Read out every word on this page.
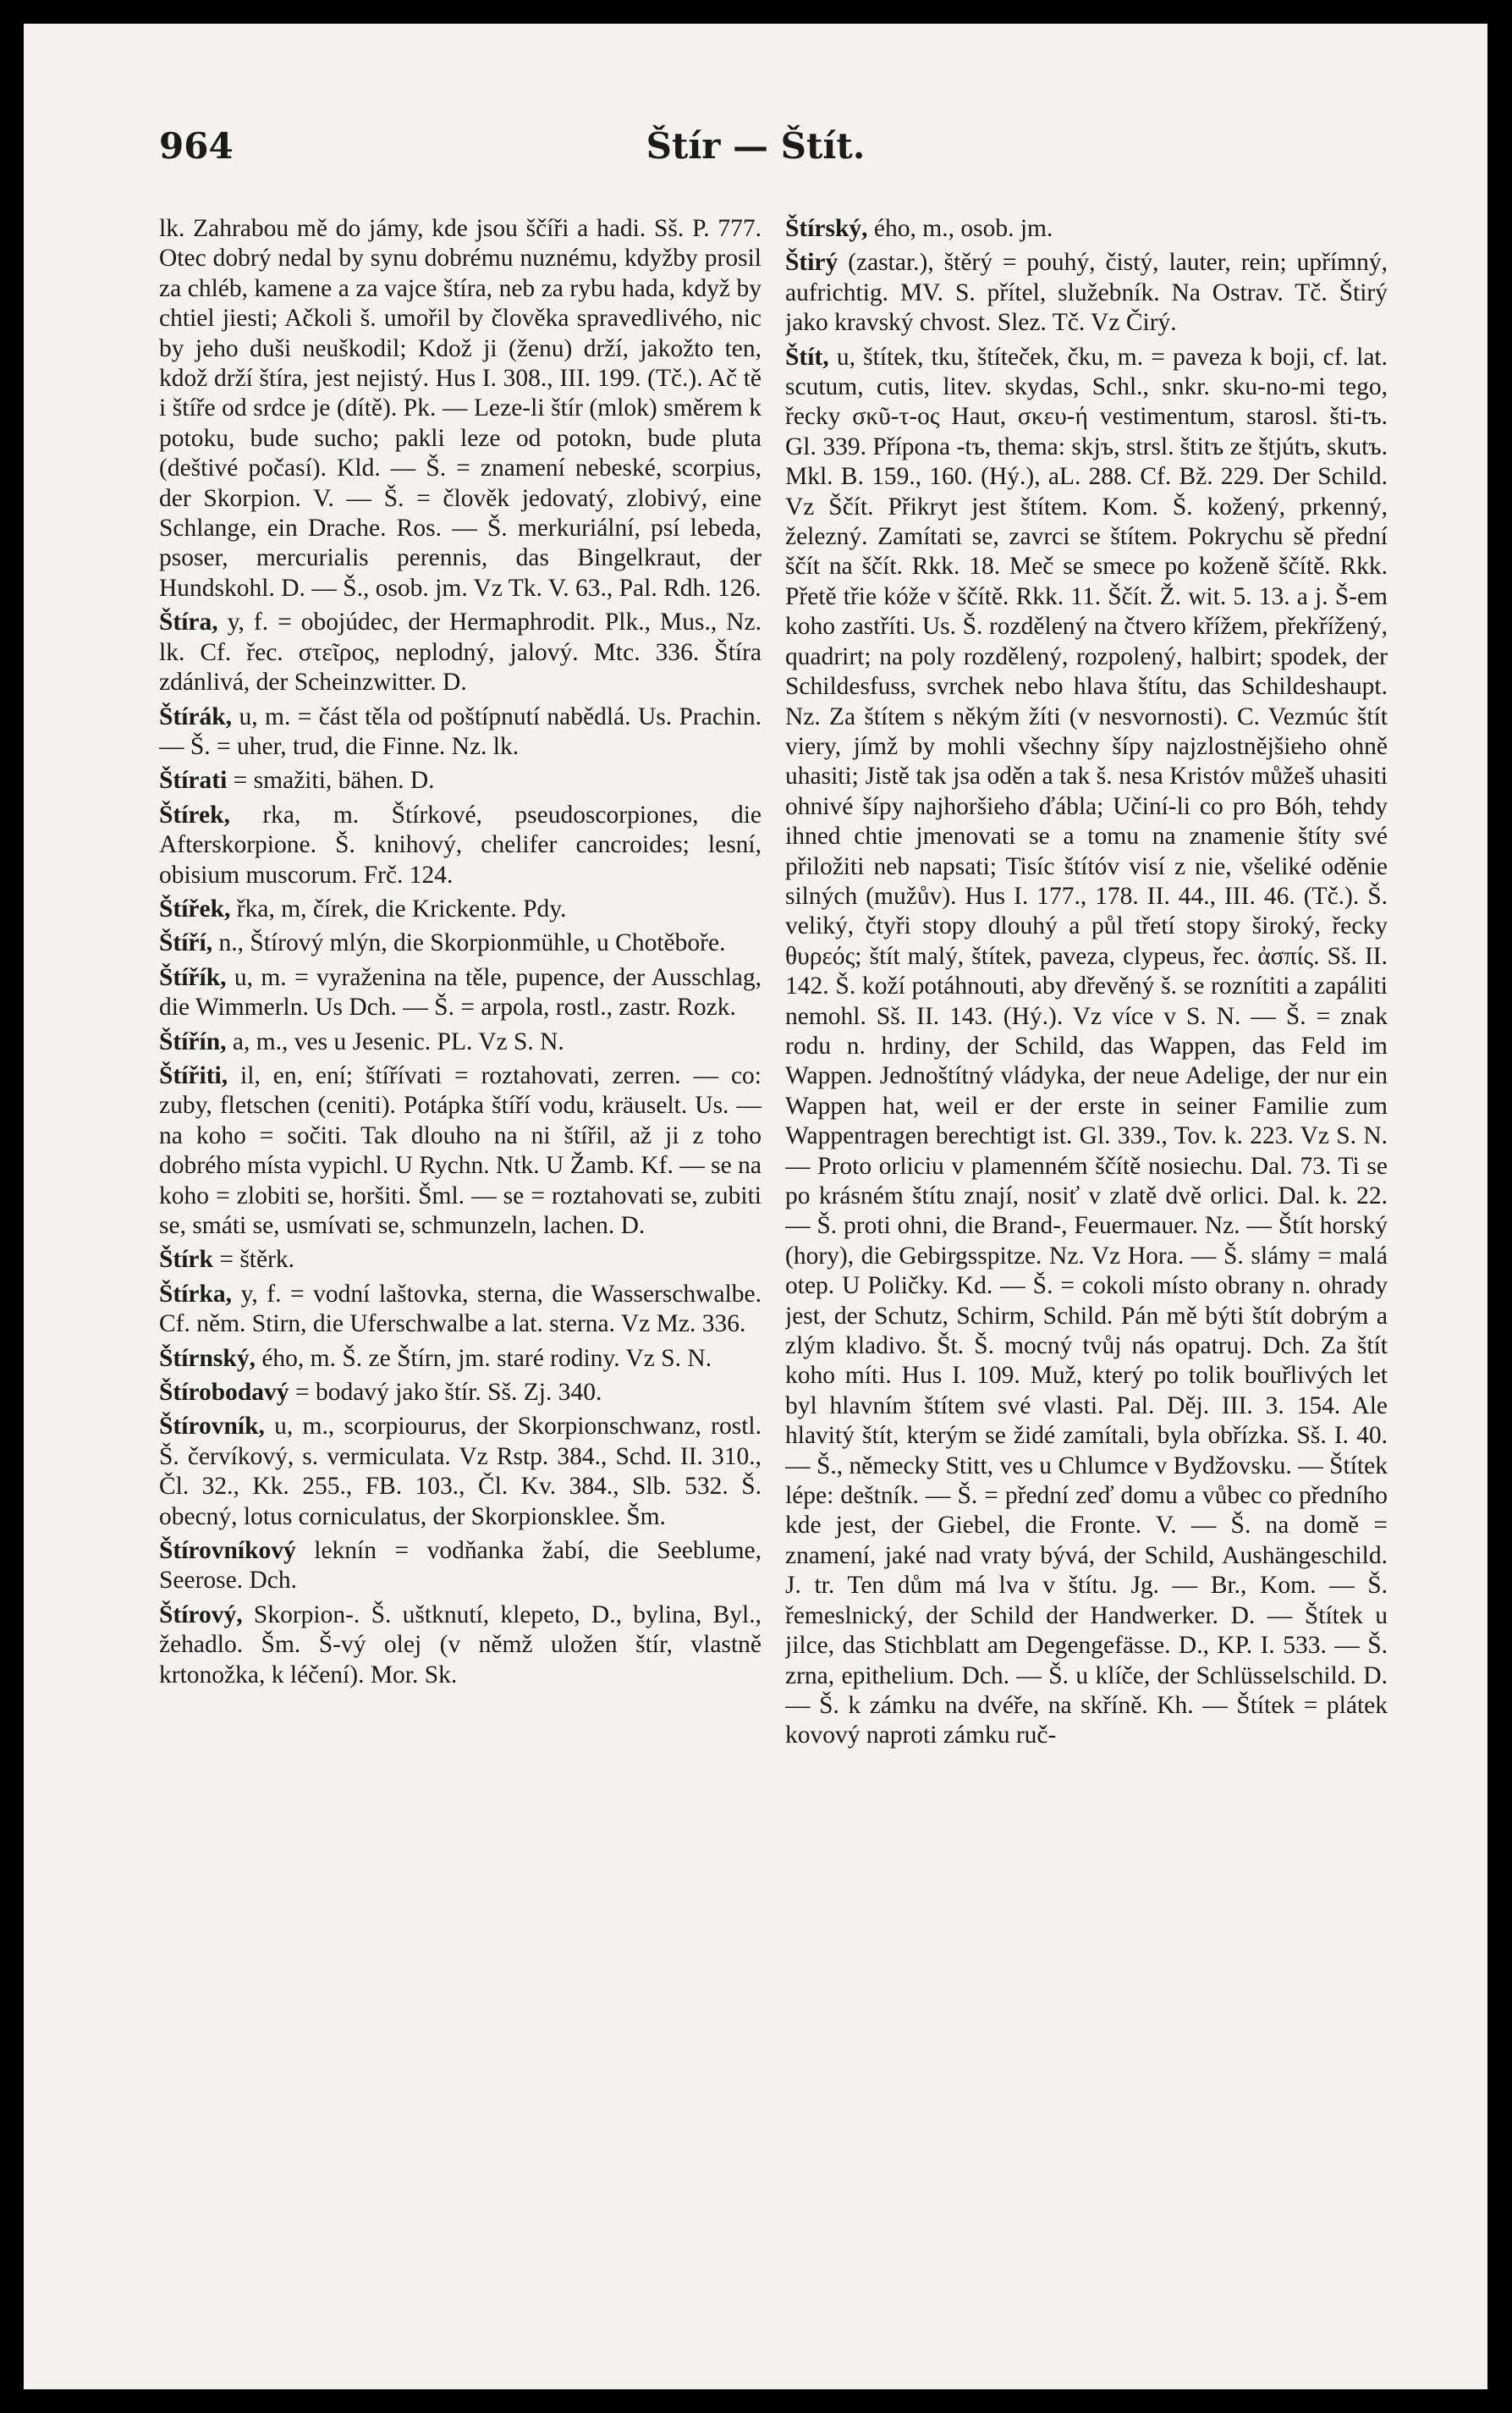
964	Štír — Štít.

lk. Zahrabou mě do jámy, kde jsou ščíři a hadi. Sš. P. 777. Otec dobrý nedal by synu dobrému nuznému, kdyžby prosil za chléb, kamene a za vajce štíra, neb za rybu hada, když by chtiel jiesti; Ačkoli š. umořil by člověka spravedlivého, nic by jeho duši neuškodil; Kdož ji (ženu) drží, jakožto ten, kdož drží štíra, jest nejistý. Hus I. 308., III. 199. (Tč.). Ač tě i štíře od srdce je (dítě). Pk. — Leze-li štír (mlok) směrem k potoku, bude sucho; pakli leze od potokn, bude pluta (deštivé počasí). Kld. — Š. = znamení nebeské, scorpius, der Skorpion. V. — Š. = člověk jedovatý, zlobivý, eine Schlange, ein Drache. Ros. — Š. merkuriální, psí lebeda, psoser, mercurialis perennis, das Bingelkraut, der Hundskohl. D. — Š., osob. jm. Vz Tk. V. 63., Pal. Rdh. 126.

Štíra, y, f. = obojúdec, der Hermaphrodit. Plk., Mus., Nz. lk. Cf. řec. στεῖρος, neplodný, jalový. Mtc. 336. Štíra zdánlivá, der Scheinzwitter. D.

Štírák, u, m. = část těla od poštípnutí nabědlá. Us. Prachin. — Š. = uher, trud, die Finne. Nz. lk.

Štírati = smažiti, bähen. D.

Štírek, rka, m. Štírkové, pseudoscorpiones, die Afterskorpione. Š. knihový, chelifer cancroides; lesní, obisium muscorum. Frč. 124.

Štířek, řka, m, čírek, die Krickente. Pdy.

Štíří, n., Štírový mlýn, die Skorpionmühle, u Chotěboře.

Štířík, u, m. = vyraženina na těle, pupence, der Ausschlag, die Wimmerln. Us Dch. — Š. = arpola, rostl., zastr. Rozk.

Štířín, a, m., ves u Jesenic. PL. Vz S. N.

Štířiti, il, en, ení; štířívati = roztahovati, zerren. — co: zuby, fletschen (ceniti). Potápka štíří vodu, kräuselt. Us. — na koho = sočiti. Tak dlouho na ni štířil, až ji z toho dobrého místa vypichl. U Rychn. Ntk. U Žamb. Kf. — se na koho = zlobiti se, horšiti. Šml. — se = roztahovati se, zubiti se, smáti se, usmívati se, schmunzeln, lachen. D.

Štírk = štěrk.

Štírka, y, f. = vodní laštovka, sterna, die Wasserschwalbe. Cf. něm. Stirn, die Uferschwalbe a lat. sterna. Vz Mz. 336.

Štírnský, ého, m. Š. ze Štírn, jm. staré rodiny. Vz S. N.

Štírobodavý = bodavý jako štír. Sš. Zj. 340.

Štírovník, u, m., scorpiourus, der Skorpionschwanz, rostl. Š. červíkový, s. vermiculata. Vz Rstp. 384., Schd. II. 310., Čl. 32., Kk. 255., FB. 103., Čl. Kv. 384., Slb. 532. Š. obecný, lotus corniculatus, der Skorpionsklee. Šm.

Štírovníkový leknín = vodňanka žabí, die Seeblume, Seerose. Dch.

Štírový, Skorpion-. Š. uštknutí, klepeto, D., bylina, Byl., žehadlo. Šm. Š-vý olej (v němž uložen štír, vlastně krtonožka, k léčení). Mor. Sk.

Štírský, ého, m., osob. jm.

Štirý (zastar.), štěrý = pouhý, čistý, lauter, rein; upřímný, aufrichtig. MV. S. přítel, služebník. Na Ostrav. Tč. Štirý jako kravský chvost. Slez. Tč. Vz Čirý.

Štít, u, štítek, tku, štíteček, čku, m. = paveza k boji, cf. lat. scutum, cutis, litev. skydas, Schl., snkr. sku-no-mi tego, řecky σκῦ-τ-ος Haut, σκευ-ή vestimentum, starosl. šti-tъ. Gl. 339. Přípona -tъ, thema: skjъ, strsl. štitъ ze štjútъ, skutъ. Mkl. B. 159., 160. (Hý.), aL. 288. Cf. Bž. 229. Der Schild. Vz Ščít. Přikryt jest štítem. Kom. Š. kožený, prkenný, železný. Zamítati se, zavrci se štítem. Pokrychu sě přední ščít na ščít. Rkk. 18. Meč se smece po koženě ščítě. Rkk. Přetě třie kóže v ščítě. Rkk. 11. Ščít. Ž. wit. 5. 13. a j. Š-em koho zastříti. Us. Š. rozdělený na čtvero křížem, překřížený, quadrirt; na poly rozdělený, rozpolený, halbirt; spodek, der Schildesfuss, svrchek nebo hlava štítu, das Schildeshaupt. Nz. Za štítem s někým žíti (v nesvornosti). C. Vezmúc štít viery, jímž by mohli všechny šípy najzlostnějšieho ohně uhasiti; Jistě tak jsa oděn a tak š. nesa Kristóv můžeš uhasiti ohnivé šípy najhoršieho ďábla; Učiní-li co pro Bóh, tehdy ihned chtie jmenovati se a tomu na znamenie štíty své přiložiti neb napsati; Tisíc štítóv visí z nie, všeliké oděnie silných (mužův). Hus I. 177., 178. II. 44., III. 46. (Tč.). Š. veliký, čtyři stopy dlouhý a půl třetí stopy široký, řecky θυρεός; štít malý, štítek, paveza, clypeus, řec. ἀσπίς. Sš. II. 142. Š. koží potáhnouti, aby dřevěný š. se roznítiti a zapáliti nemohl. Sš. II. 143. (Hý.). Vz více v S. N. — Š. = znak rodu n. hrdiny, der Schild, das Wappen, das Feld im Wappen. Jednoštítný vládyka, der neue Adelige, der nur ein Wappen hat, weil er der erste in seiner Familie zum Wappentragen berechtigt ist. Gl. 339., Tov. k. 223. Vz S. N. — Proto orliciu v plamenném ščítě nosiechu. Dal. 73. Ti se po krásném štítu znají, nosiť v zlatě dvě orlici. Dal. k. 22. — Š. proti ohni, die Brand-, Feuermauer. Nz. — Štít horský (hory), die Gebirgsspitze. Nz. Vz Hora. — Š. slámy = malá otep. U Poličky. Kd. — Š. = cokoli místo obrany n. ohrady jest, der Schutz, Schirm, Schild. Pán mě býti štít dobrým a zlým kladivo. Št. Š. mocný tvůj nás opatruj. Dch. Za štít koho míti. Hus I. 109. Muž, který po tolik bouřlivých let byl hlavním štítem své vlasti. Pal. Děj. III. 3. 154. Ale hlavitý štít, kterým se židé zamítali, byla obřízka. Sš. I. 40. — Š., německy Stitt, ves u Chlumce v Bydžovsku. — Štítek lépe: deštník. — Š. = přední zeď domu a vůbec co předního kde jest, der Giebel, die Fronte. V. — Š. na domě = znamení, jaké nad vraty bývá, der Schild, Aushängeschild. J. tr. Ten dům má lva v štítu. Jg. — Br., Kom. — Š. řemeslnický, der Schild der Handwerker. D. — Štítek u jilce, das Stichblatt am Degengefässe. D., KP. I. 533. — Š. zrna, epithelium. Dch. — Š. u klíče, der Schlüsselschild. D. — Š. k zámku na dvéře, na skříně. Kh. — Štítek = plátek kovový naproti zámku ruč-
